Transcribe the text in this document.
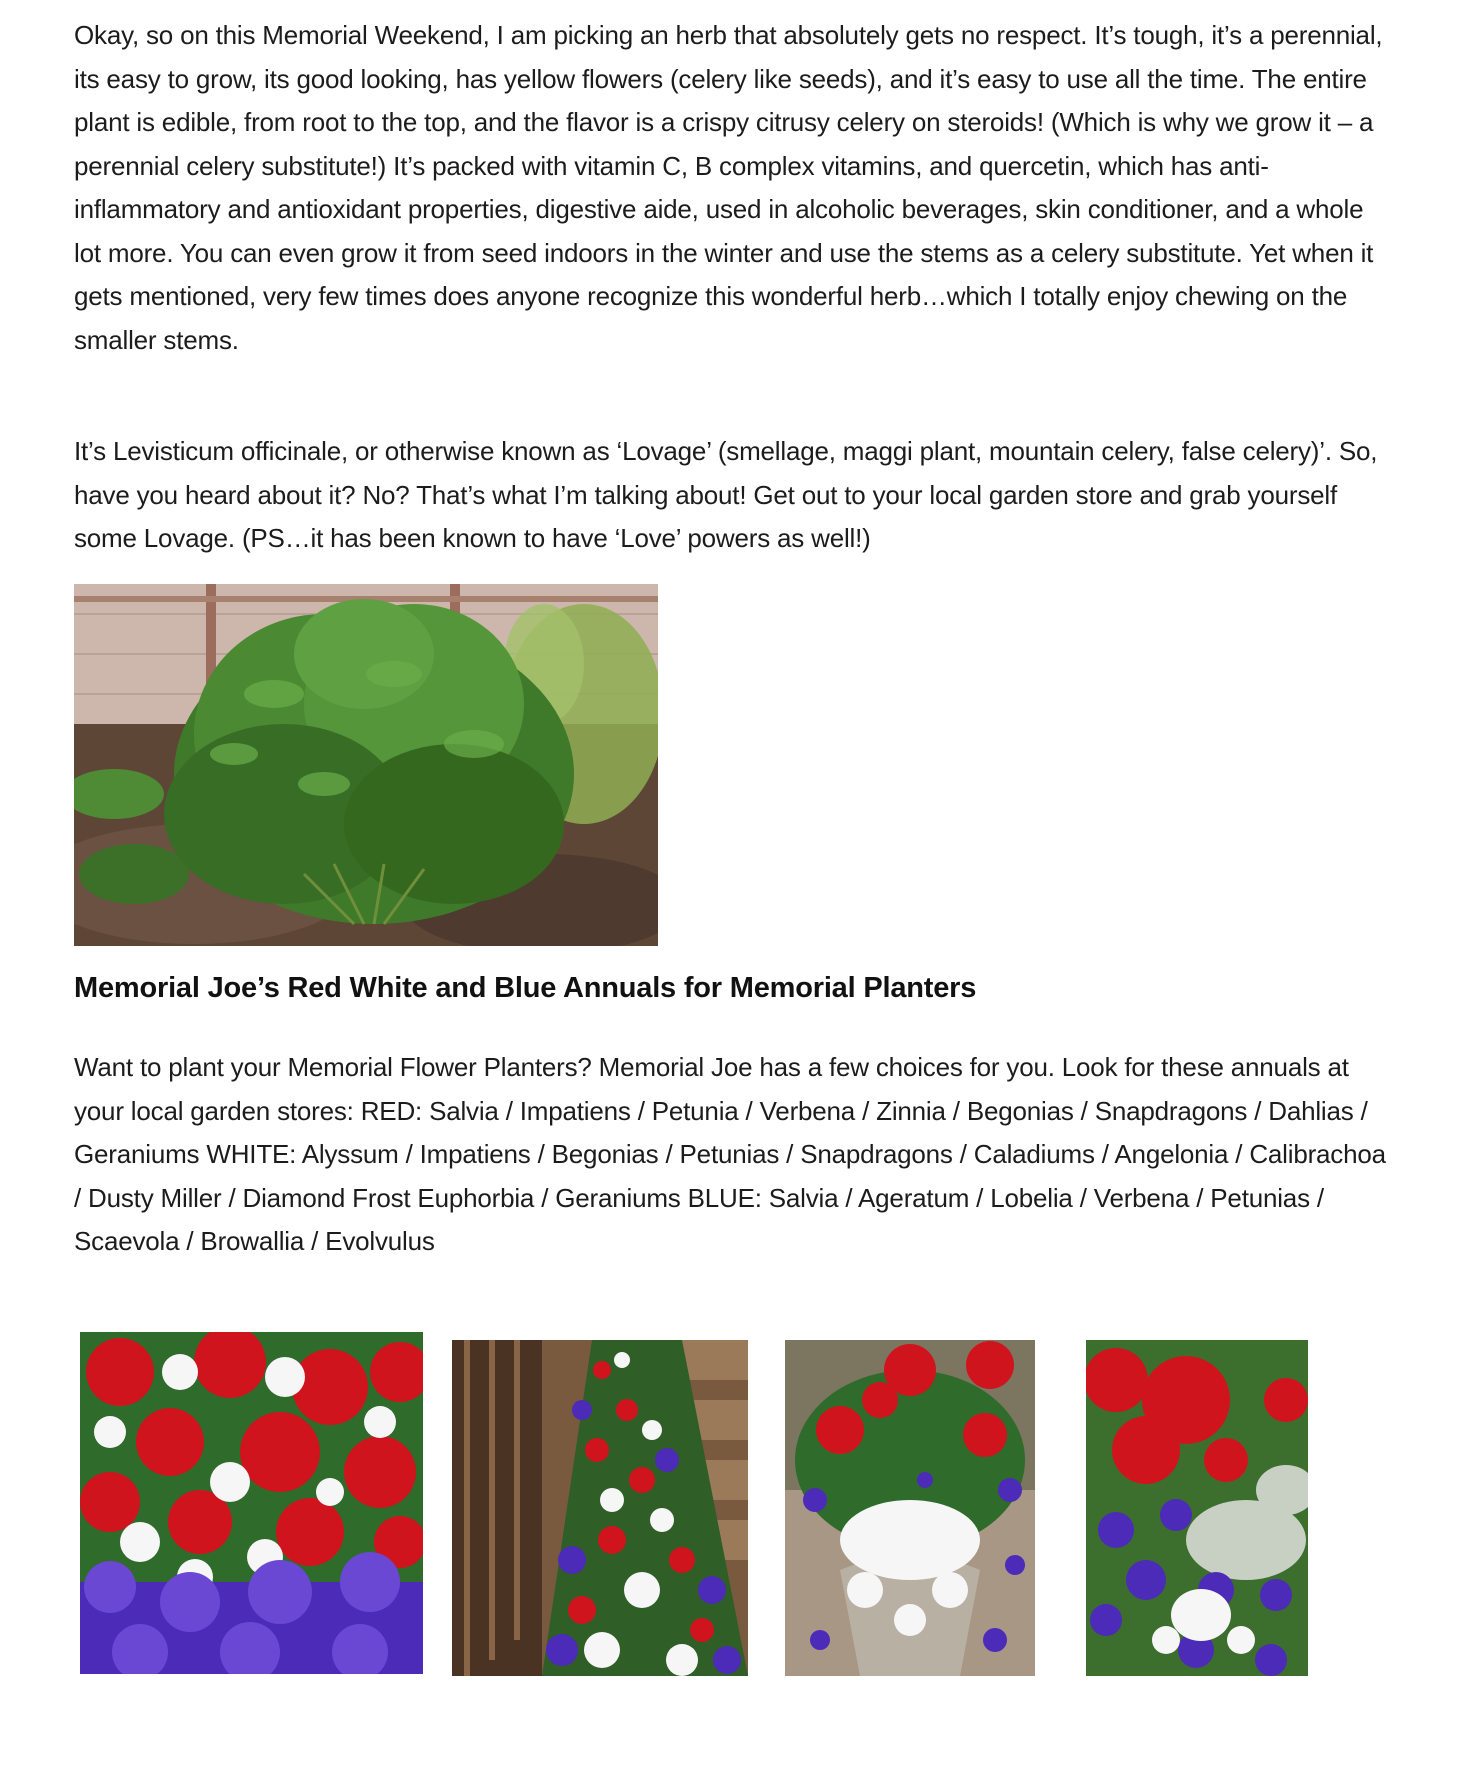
Okay, so on this Memorial Weekend, I am picking an herb that absolutely gets no respect. It’s tough, it’s a perennial, its easy to grow, its good looking, has yellow flowers (celery like seeds), and it’s easy to use all the time. The entire plant is edible, from root to the top, and the flavor is a crispy citrusy celery on steroids! (Which is why we grow it – a perennial celery substitute!) It’s packed with vitamin C, B complex vitamins, and quercetin, which has anti-inflammatory and antioxidant properties, digestive aide, used in alcoholic beverages, skin conditioner, and a whole lot more. You can even grow it from seed indoors in the winter and use the stems as a celery substitute. Yet when it gets mentioned, very few times does anyone recognize this wonderful herb…which I totally enjoy chewing on the smaller stems.

It’s Levisticum officinale, or otherwise known as ‘Lovage’ (smellage, maggi plant, mountain celery, false celery)’. So, have you heard about it? No? That’s what I’m talking about! Get out to your local garden store and grab yourself some Lovage. (PS…it has been known to have ‘Love’ powers as well!)

Memorial Joe’s Red White and Blue Annuals for Memorial Planters

Want to plant your Memorial Flower Planters? Memorial Joe has a few choices for you. Look for these annuals at your local garden stores: RED: Salvia / Impatiens / Petunia / Verbena / Zinnia / Begonias / Snapdragons / Dahlias / Geraniums WHITE: Alyssum / Impatiens / Begonias / Petunias / Snapdragons / Caladiums / Angelonia / Calibrachoa / Dusty Miller / Diamond Frost Euphorbia / Geraniums BLUE: Salvia / Ageratum / Lobelia / Verbena / Petunias / Scaevola / Browallia / Evolvulus
